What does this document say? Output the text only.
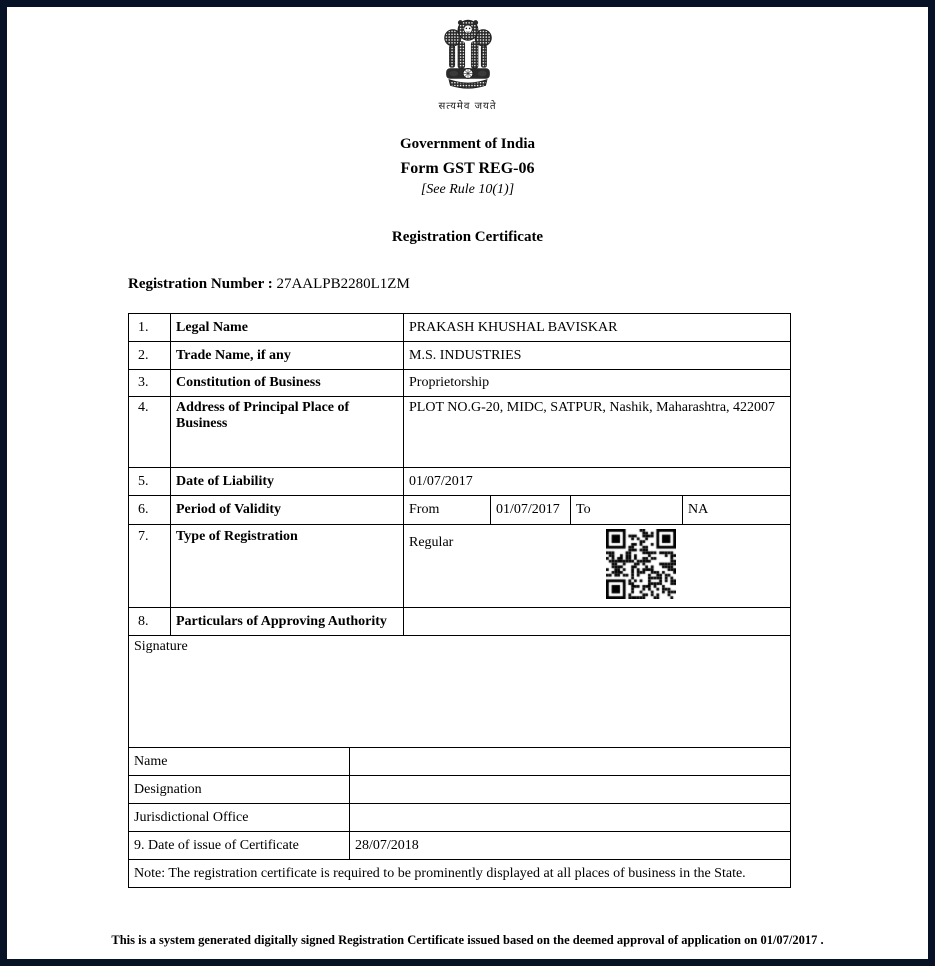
सत्यमेव जयते
Government of India
Form GST REG-06
[See Rule 10(1)]
Registration Certificate
Registration Number : 27AALPB2280L1ZM
1.	Legal Name		PRAKASH KHUSHAL BAVISKAR			
2.	Trade Name, if any		M.S. INDUSTRIES			
3.	Constitution of Business		Proprietorship			
4.	Address of Principal Place of Business		PLOT NO.G-20, MIDC, SATPUR, Nashik, Maharashtra, 422007			
5.	Date of Liability		01/07/2017			
6.	Period of Validity		From	01/07/2017	To	NA
7.	Type of Registration		Regular			

8.	Particulars of Approving Authority					
Signature						
Name						
Designation						
Jurisdictional Office						
9. Date of issue of Certificate		28/07/2018				
Note: The registration certificate is required to be prominently displayed at all places of business in the State.						
This is a system generated digitally signed Registration Certificate issued based on the deemed approval of application on 01/07/2017 .
